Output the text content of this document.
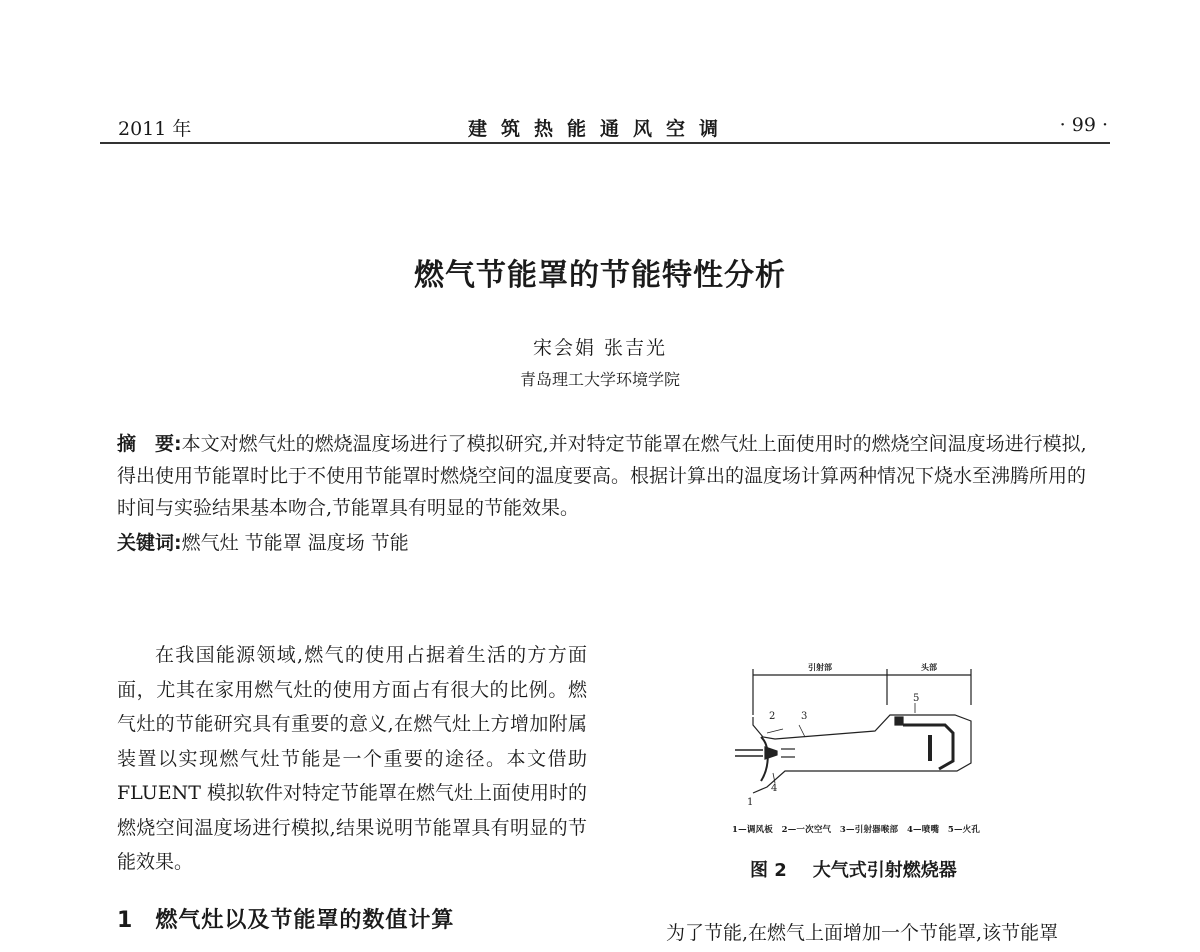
2011 年	建筑热能通风空调	· 99 ·
燃气节能罩的节能特性分析
宋会娟 张吉光
青岛理工大学环境学院
摘　要:本文对燃气灶的燃烧温度场进行了模拟研究,并对特定节能罩在燃气灶上面使用时的燃烧空间温度场进行模拟,得出使用节能罩时比于不使用节能罩时燃烧空间的温度要高。根据计算出的温度场计算两种情况下烧水至沸腾所用的时间与实验结果基本吻合,节能罩具有明显的节能效果。
关键词:燃气灶 节能罩 温度场 节能
在我国能源领域,燃气的使用占据着生活的方方面面，尤其在家用燃气灶的使用方面占有很大的比例。燃气灶的节能研究具有重要的意义,在燃气灶上方增加附属装置以实现燃气灶节能是一个重要的途径。本文借助 FLUENT 模拟软件对特定节能罩在燃气灶上面使用时的燃烧空间温度场进行模拟,结果说明节能罩具有明显的节能效果。
1 燃气灶以及节能罩的数值计算
引射部	头部
1
2	3
4
5
1—调风板　2—一次空气　3—引射器喉部　4—喷嘴　5—火孔
图 2 大气式引射燃烧器
为了节能,在燃气上面增加一个节能罩,该节能罩
